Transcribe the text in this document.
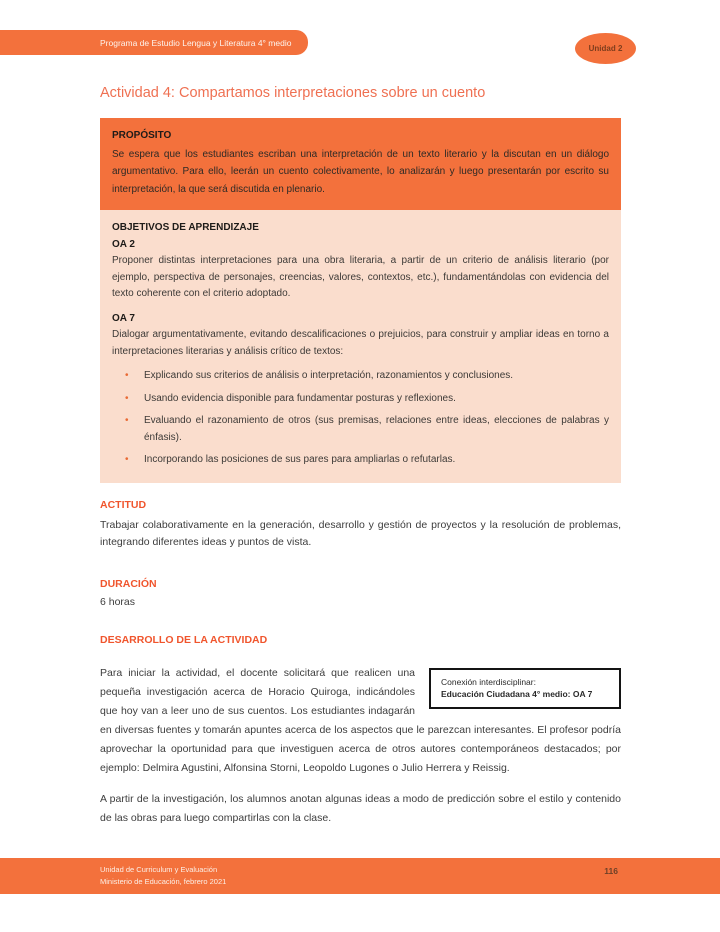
Programa de Estudio Lengua y Literatura 4° medio
Unidad 2
Actividad 4: Compartamos interpretaciones sobre un cuento
PROPÓSITO

Se espera que los estudiantes escriban una interpretación de un texto literario y la discutan en un diálogo argumentativo. Para ello, leerán un cuento colectivamente, lo analizarán y luego presentarán por escrito su interpretación, la que será discutida en plenario.

OBJETIVOS DE APRENDIZAJE
OA 2

Proponer distintas interpretaciones para una obra literaria, a partir de un criterio de análisis literario (por ejemplo, perspectiva de personajes, creencias, valores, contextos, etc.), fundamentándolas con evidencia del texto coherente con el criterio adoptado.

OA 7

Dialogar argumentativamente, evitando descalificaciones o prejuicios, para construir y ampliar ideas en torno a interpretaciones literarias y análisis crítico de textos:

• Explicando sus criterios de análisis o interpretación, razonamientos y conclusiones.
• Usando evidencia disponible para fundamentar posturas y reflexiones.
• Evaluando el razonamiento de otros (sus premisas, relaciones entre ideas, elecciones de palabras y énfasis).
• Incorporando las posiciones de sus pares para ampliarlas o refutarlas.
ACTITUD

Trabajar colaborativamente en la generación, desarrollo y gestión de proyectos y la resolución de problemas, integrando diferentes ideas y puntos de vista.

DURACIÓN

6 horas

DESARROLLO DE LA ACTIVIDAD

Conexión interdisciplinar:
Educación Ciudadana 4° medio: OA 7
Para iniciar la actividad, el docente solicitará que realicen una pequeña investigación acerca de Horacio Quiroga, indicándoles que hoy van a leer uno de sus cuentos. Los estudiantes indagarán en diversas fuentes y tomarán apuntes acerca de los aspectos que le parezcan interesantes. El profesor podría aprovechar la oportunidad para que investiguen acerca de otros autores contemporáneos destacados; por ejemplo: Delmira Agustini, Alfonsina Storni, Leopoldo Lugones o Julio Herrera y Reissig.

A partir de la investigación, los alumnos anotan algunas ideas a modo de predicción sobre el estilo y contenido de las obras para luego compartirlas con la clase.

Unidad de Curriculum y Evaluación
Ministerio de Educación, febrero 2021
116
